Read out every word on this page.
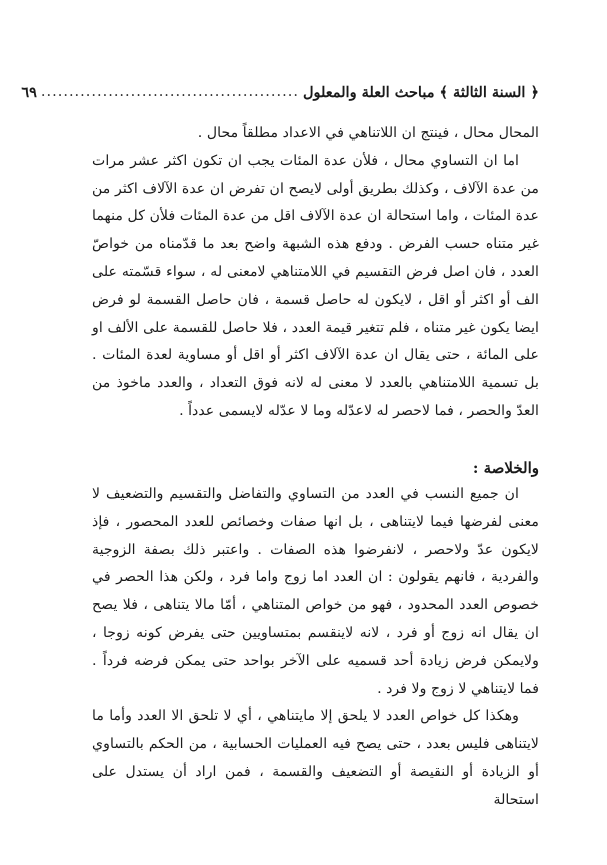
﴿ السنة الثالثة ﴾ مباحث العلة والمعلول
..............................................
٦٩

المحال محال ، فينتج ان اللاتناهي في الاعداد مطلقاً محال .

اما ان التساوي محال ، فلأن عدة المئات يجب ان تكون اكثر عشر مرات من عدة الآلاف ، وكذلك بطريق أولى لايصح ان تفرض ان عدة الآلاف اكثر من عدة المئات ، واما استحالة ان عدة الآلاف اقل من عدة المئات فلأن كل منهما غير متناه حسب الفرض . ودفع هذه الشبهة واضح بعد ما قدّمناه من خواصّ العدد ، فان اصل فرض التقسيم في اللامتناهي لامعنى له ، سواء قسّمته على الف أو اكثر أو اقل ، لايكون له حاصل قسمة ، فان حاصل القسمة لو فرض ايضا يكون غير متناه ، فلم تتغير قيمة العدد ، فلا حاصل للقسمة على الألف او على المائة ، حتى يقال ان عدة الآلاف اكثر أو اقل أو مساوية لعدة المئات . بل تسمية اللامتناهي بالعدد لا معنى له لانه فوق التعداد ، والعدد ماخوذ من العدّ والحصر ، فما لاحصر له لاعدّله وما لا عدّله لايسمى عدداً .

والخلاصة :

ان جميع النسب في العدد من التساوي والتفاضل والتقسيم والتضعيف لا معنى لفرضها فيما لايتناهى ، بل انها صفات وخصائص للعدد المحصور ، فإذ لايكون عدّ ولاحصر ، لانفرضوا هذه الصفات . واعتبر ذلك بصفة الزوجية والفردية ، فانهم يقولون : ان العدد اما زوج واما فرد ، ولكن هذا الحصر في خصوص العدد المحدود ، فهو من خواص المتناهي ، أمّا مالا يتناهى ، فلا يصح ان يقال انه زوج أو فرد ، لانه لاينقسم بمتساويين حتى يفرض كونه زوجا ، ولايمكن فرض زيادة أحد قسميه على الآخر بواحد حتى يمكن فرضه فرداً . فما لايتناهي لا زوج ولا فرد .

وهكذا كل خواص العدد لا يلحق إلا مايتناهي ، أي لا تلحق الا العدد وأما ما لايتناهى فليس بعدد ، حتى يصح فيه العمليات الحسابية ، من الحكم بالتساوي أو الزيادة أو النقيصة أو التضعيف والقسمة ، فمن اراد أن يستدل على استحالة
